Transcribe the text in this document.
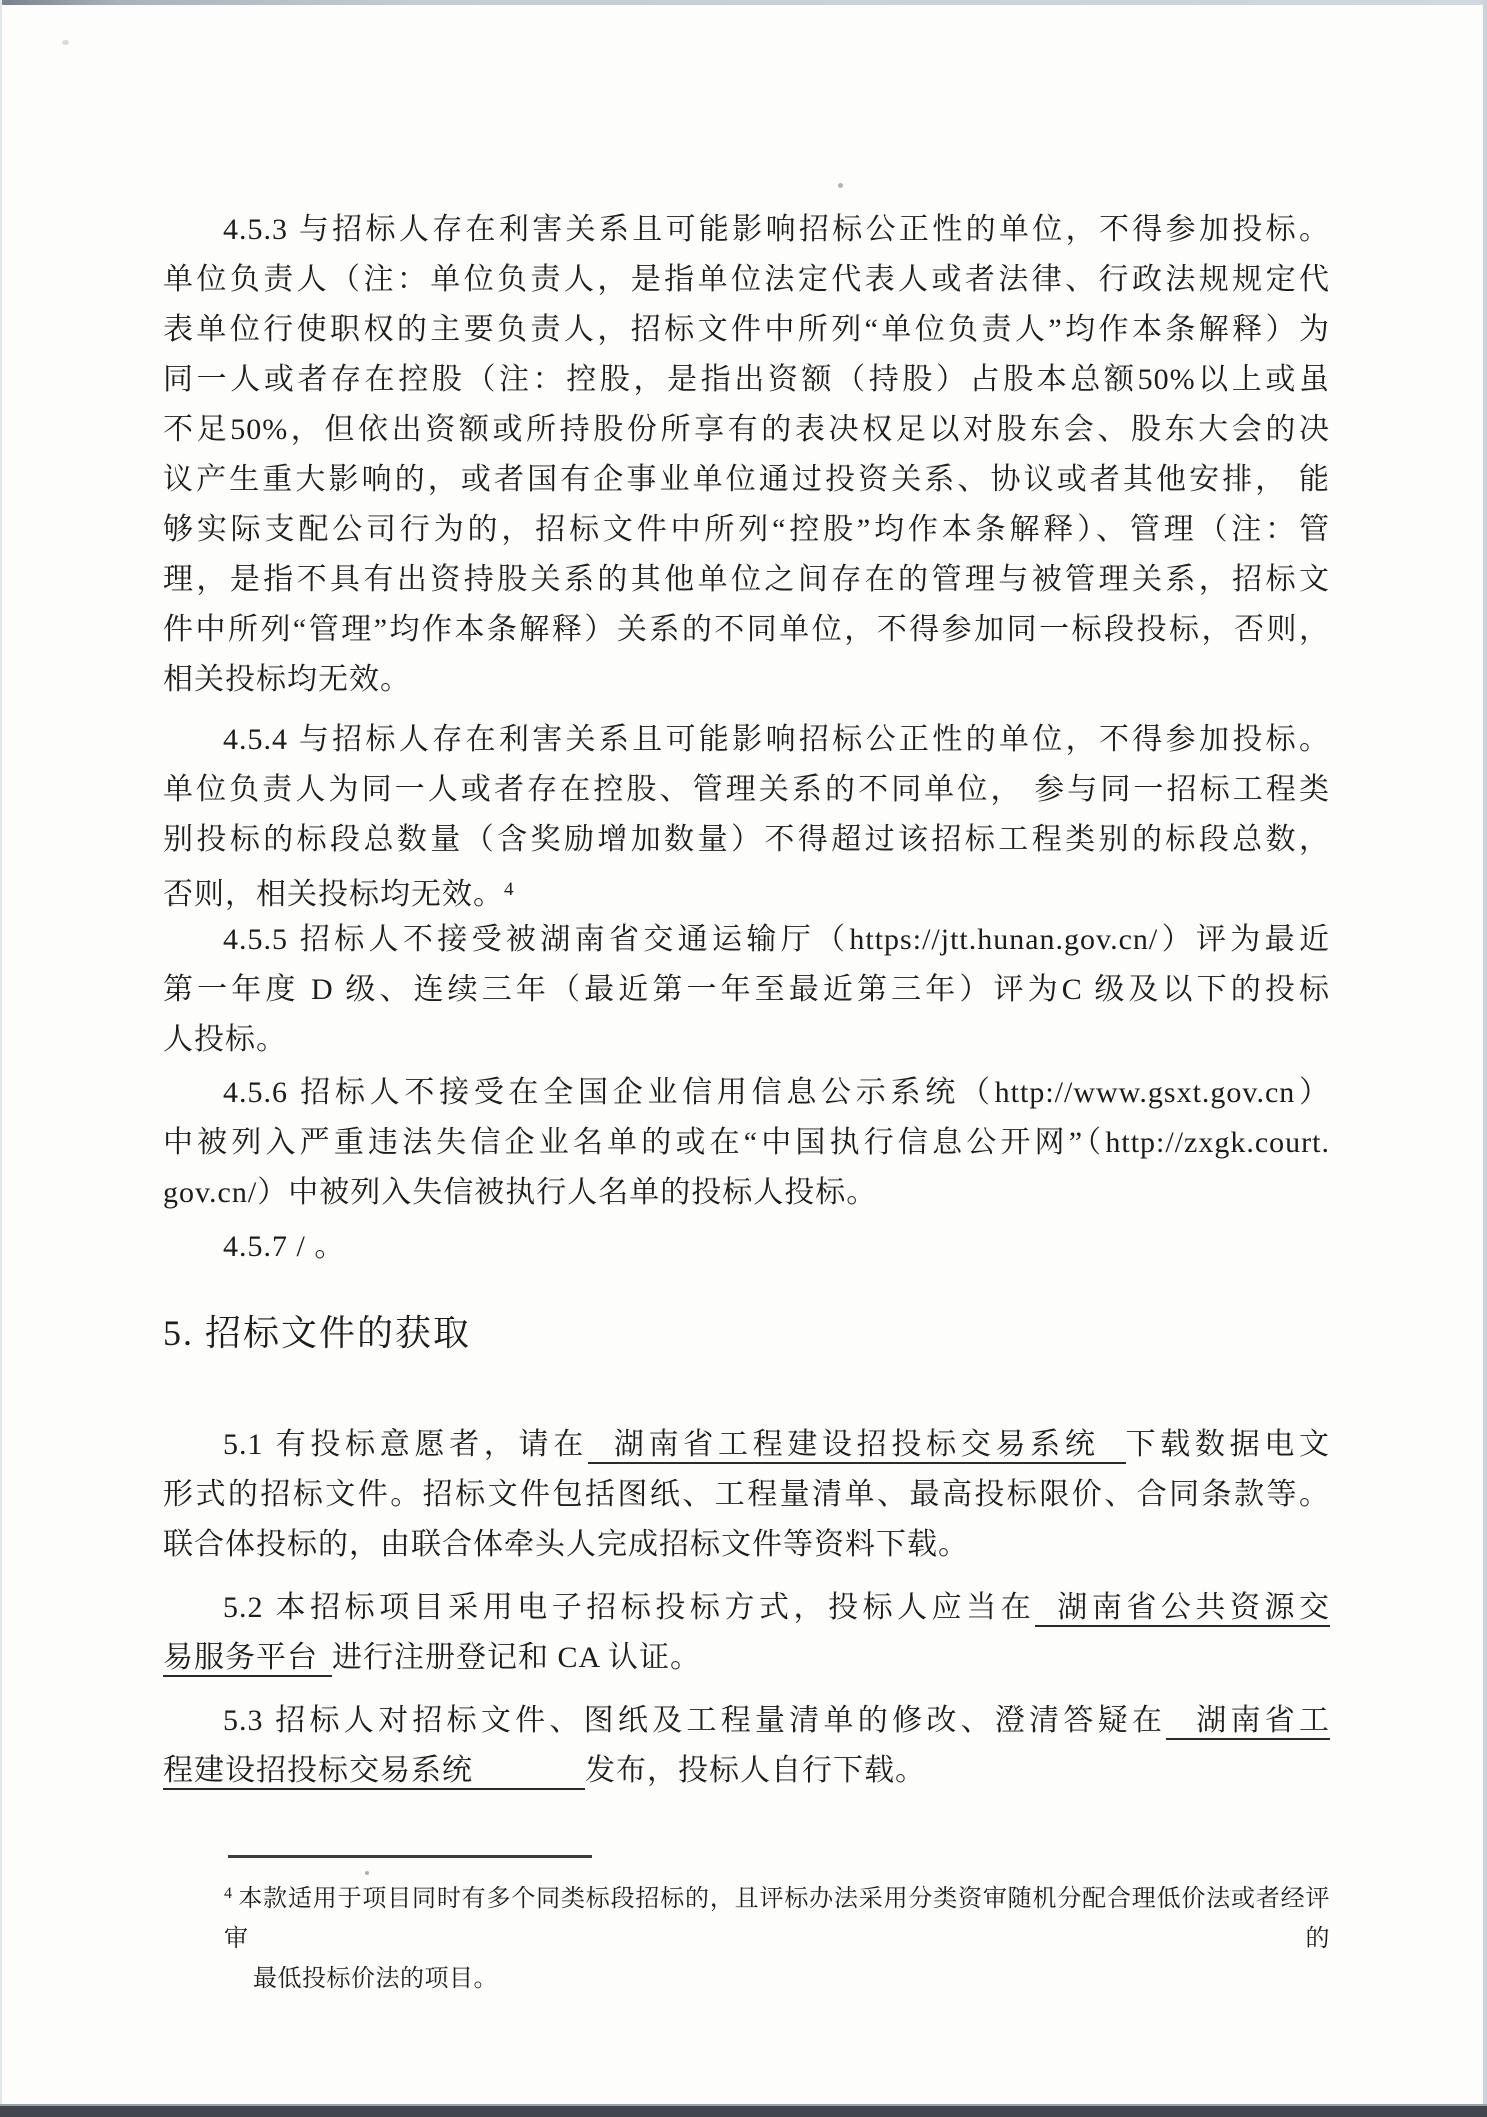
4.5.3 与招标人存在利害关系且可能影响招标公正性的单位，不得参加投标。
单位负责人（注：单位负责人，是指单位法定代表人或者法律、行政法规规定代
表单位行使职权的主要负责人，招标文件中所列“单位负责人”均作本条解释）为
同一人或者存在控股（注：控股，是指出资额（持股）占股本总额50%以上或虽
不足50%，但依出资额或所持股份所享有的表决权足以对股东会、股东大会的决
议产生重大影响的，或者国有企事业单位通过投资关系、协议或者其他安排， 能
够实际支配公司行为的，招标文件中所列“控股”均作本条解释）、管理（注：管
理，是指不具有出资持股关系的其他单位之间存在的管理与被管理关系，招标文
件中所列“管理”均作本条解释）关系的不同单位，不得参加同一标段投标，否则，
相关投标均无效。
4.5.4 与招标人存在利害关系且可能影响招标公正性的单位，不得参加投标。
单位负责人为同一人或者存在控股、管理关系的不同单位， 参与同一招标工程类
别投标的标段总数量（含奖励增加数量）不得超过该招标工程类别的标段总数，
否则，相关投标均无效。$^4$
4.5.5 招标人不接受被湖南省交通运输厅（https://jtt.hunan.gov.cn/）评为最近
第一年度 D 级、连续三年（最近第一年至最近第三年）评为C 级及以下的投标
人投标。
4.5.6 招标人不接受在全国企业信用信息公示系统（http://www.gsxt.gov.cn）
中被列入严重违法失信企业名单的或在“中国执行信息公开网”（http://zxgk.court.
gov.cn/）中被列入失信被执行人名单的投标人投标。
4.5.7 / 。
5. 招标文件的获取
5.1 有投标意愿者，请在 湖南省工程建设招投标交易系统 下载数据电文
形式的招标文件。招标文件包括图纸、工程量清单、最高投标限价、合同条款等。
联合体投标的，由联合体牵头人完成招标文件等资料下载。
5.2 本招标项目采用电子招标投标方式，投标人应当在 湖南省公共资源交
易服务平台 进行注册登记和 CA 认证。
5.3 招标人对招标文件、图纸及工程量清单的修改、澄清答疑在 湖南省工
程建设招投标交易系统	发布，投标人自行下载。
$^4$ 本款适用于项目同时有多个同类标段招标的，且评标办法采用分类资审随机分配合理低价法或者经评审的
最低投标价法的项目。
